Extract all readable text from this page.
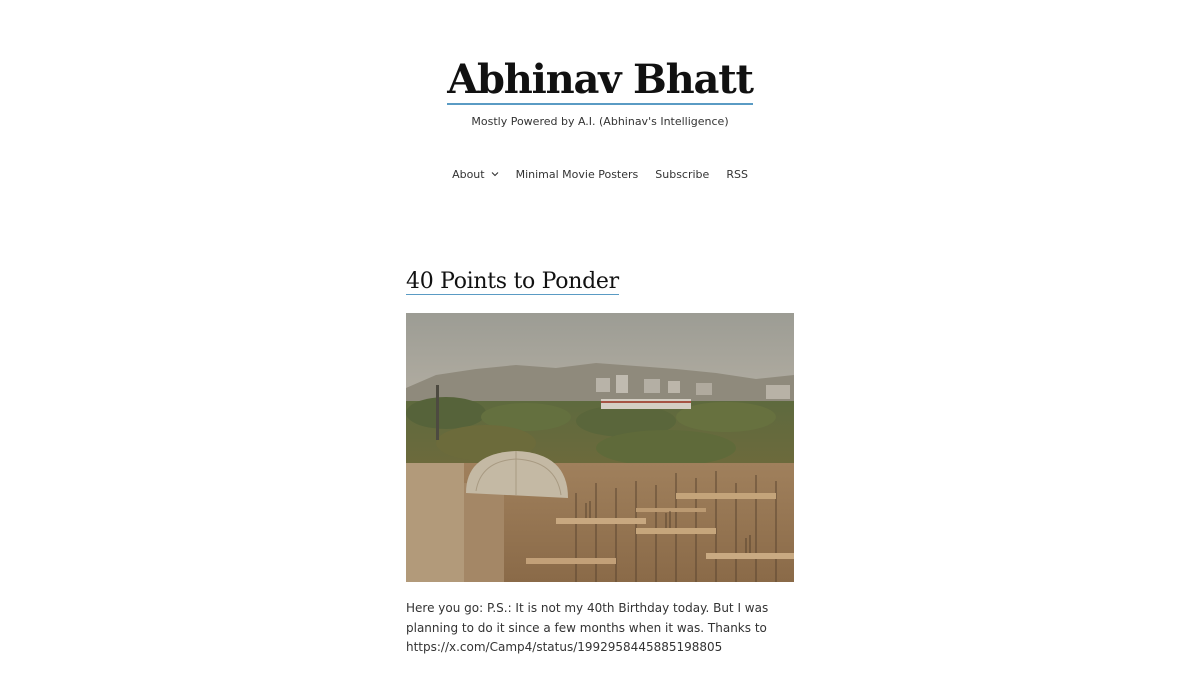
Abhinav Bhatt
Mostly Powered by A.I. (Abhinav's Intelligence)
About	Minimal Movie Posters Subscribe RSS
40 Points to Ponder

Here you go: P.S.: It is not my 40th Birthday today. But I was planning to do it since a few months when it was. Thanks to https://x.com/Camp4/status/1992958445885198805
